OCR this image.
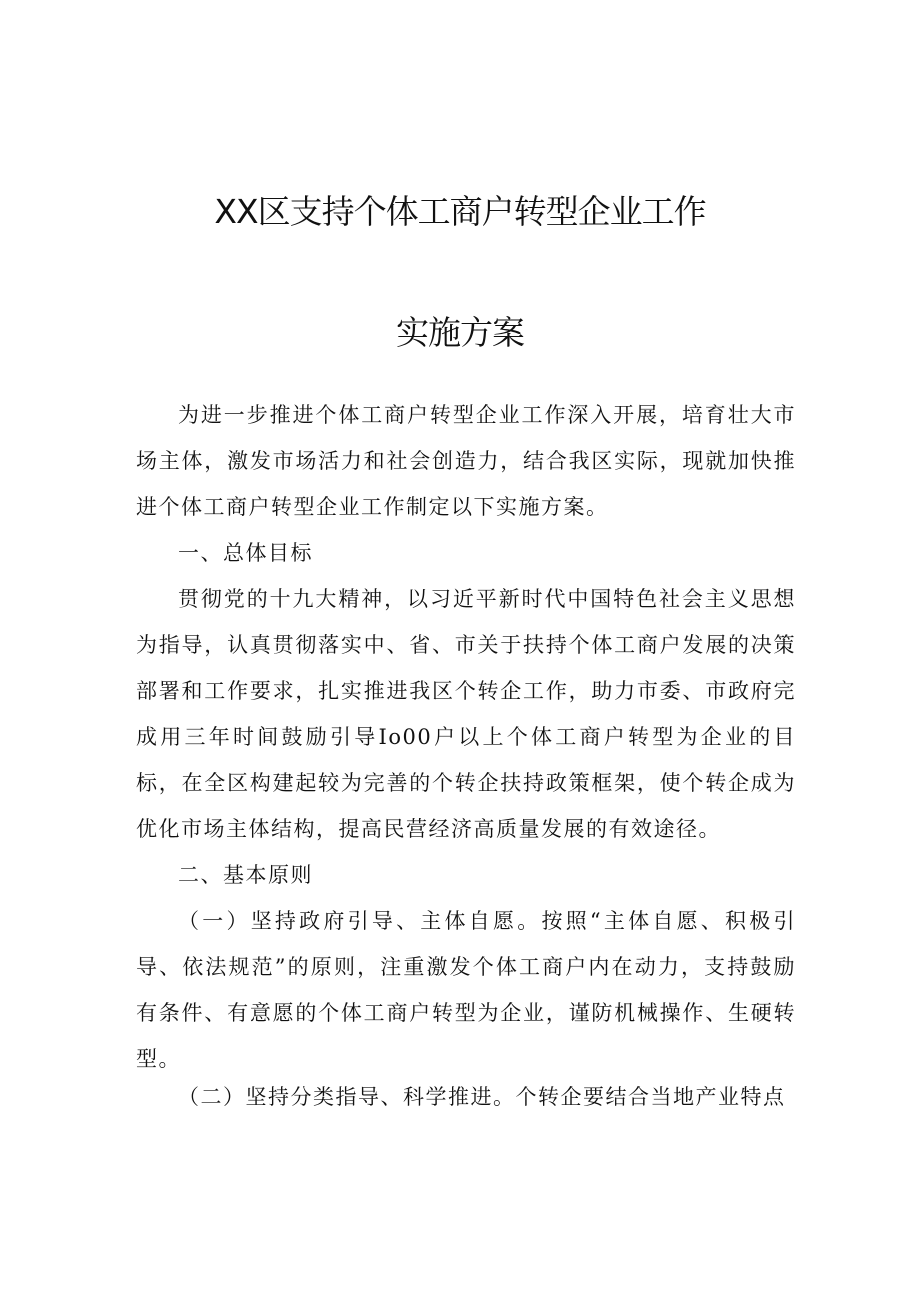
XX区支持个体工商户转型企业工作
实施方案

为进一步推进个体工商户转型企业工作深入开展，培育壮大市场主体，激发市场活力和社会创造力，结合我区实际，现就加快推进个体工商户转型企业工作制定以下实施方案。

一、总体目标

贯彻党的十九大精神，以习近平新时代中国特色社会主义思想为指导，认真贯彻落实中、省、市关于扶持个体工商户发展的决策部署和工作要求，扎实推进我区个转企工作，助力市委、市政府完成用三年时间鼓励引导Io00户以上个体工商户转型为企业的目标，在全区构建起较为完善的个转企扶持政策框架，使个转企成为优化市场主体结构，提高民营经济高质量发展的有效途径。

二、基本原则

（一）坚持政府引导、主体自愿。按照“主体自愿、积极引导、依法规范”的原则，注重激发个体工商户内在动力，支持鼓励有条件、有意愿的个体工商户转型为企业，谨防机械操作、生硬转型。

（二）坚持分类指导、科学推进。个转企要结合当地产业特点
